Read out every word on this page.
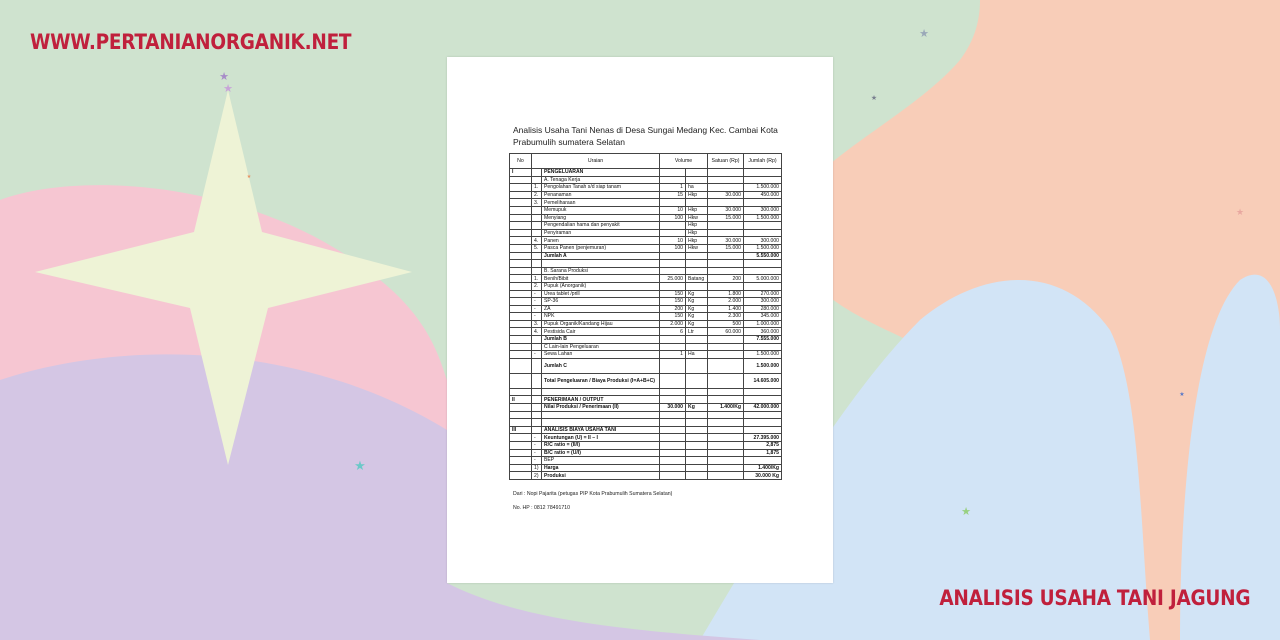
★
★
★
★
★
★
★
★
★
WWW.PERTANIANORGANIK.NET
Analisis Usaha Tani Nenas di Desa Sungai Medang Kec. Cambai Kota Prabumulih sumatera Selatan
No	Uraian		Volume		Satuan (Rp)	Jumlah (Rp)
I		PENGELUARAN				
		A. Tenaga Kerja				
	1.	Pengolahan Tanah s/d siap tanam	1	ha		1.500.000
	2.	Penanaman	15	Hkp	30.000	450.000
	3.	Pemeliharaan				
		Memupuk	10	Hkp	30.000	300.000
		Menyiang	100	Hkw	15.000	1.500.000
		Pengendalian hama dan penyakit		Hkp		
		Penyiraman		Hkp		
	4.	Panen	10	Hkp	30.000	300.000
	5.	Pasca Panen (penjemuran)	100	Hkw	15.000	1.500.000
		Jumlah A				5.550.000

		B. Sarana Produksi				
	1.	Benih/Bibit	25.000	Batang	200	5.000.000
	2.	Pupuk (Anorganik)				
	-	Urea tablet /prill	150	Kg	1.800	270.000
	-	SP-36	150	Kg	2.000	300.000
	-	ZA	200	Kg	1.400	280.000
	-	NPK	150	Kg	2.300	345.000
	3.	Pupuk Organik/Kandang Hijau	2.000	Kg	500	1.000.000
	4.	Pestisida Cair	6	Ltr	60.000	360.000
		Jumlah B				7.555.000
		C Lain-lain Pengeluaran				
	-	Sewa Lahan	1	Ha		1.500.000
		Jumlah C				1.500.000
		Total Pengeluaran / Biaya Produksi (I=A+B+C)				14.605.000

II		PENERIMAAN / OUTPUT				
		Nilai Produksi / Penerimaan (II)	30.000	Kg	1.400/Kg	42.000.000

III		ANALISIS BIAYA USAHA TANI				
	-	Keuntungan (U) = II – I				27.395.000
	-	R/C ratio = (II/I)				2,875
	-	B/C ratio = (U/I)				1,875
	-	BEP				
	1)	Harga				1.400/Kg
	2)	Produksi				30.000 Kg
Dari : Nopi Pajarita (petugas PIP Kota Prabumulih Sumatera Selatan)
No. HP : 0812 78491710
ANALISIS USAHA TANI JAGUNG
